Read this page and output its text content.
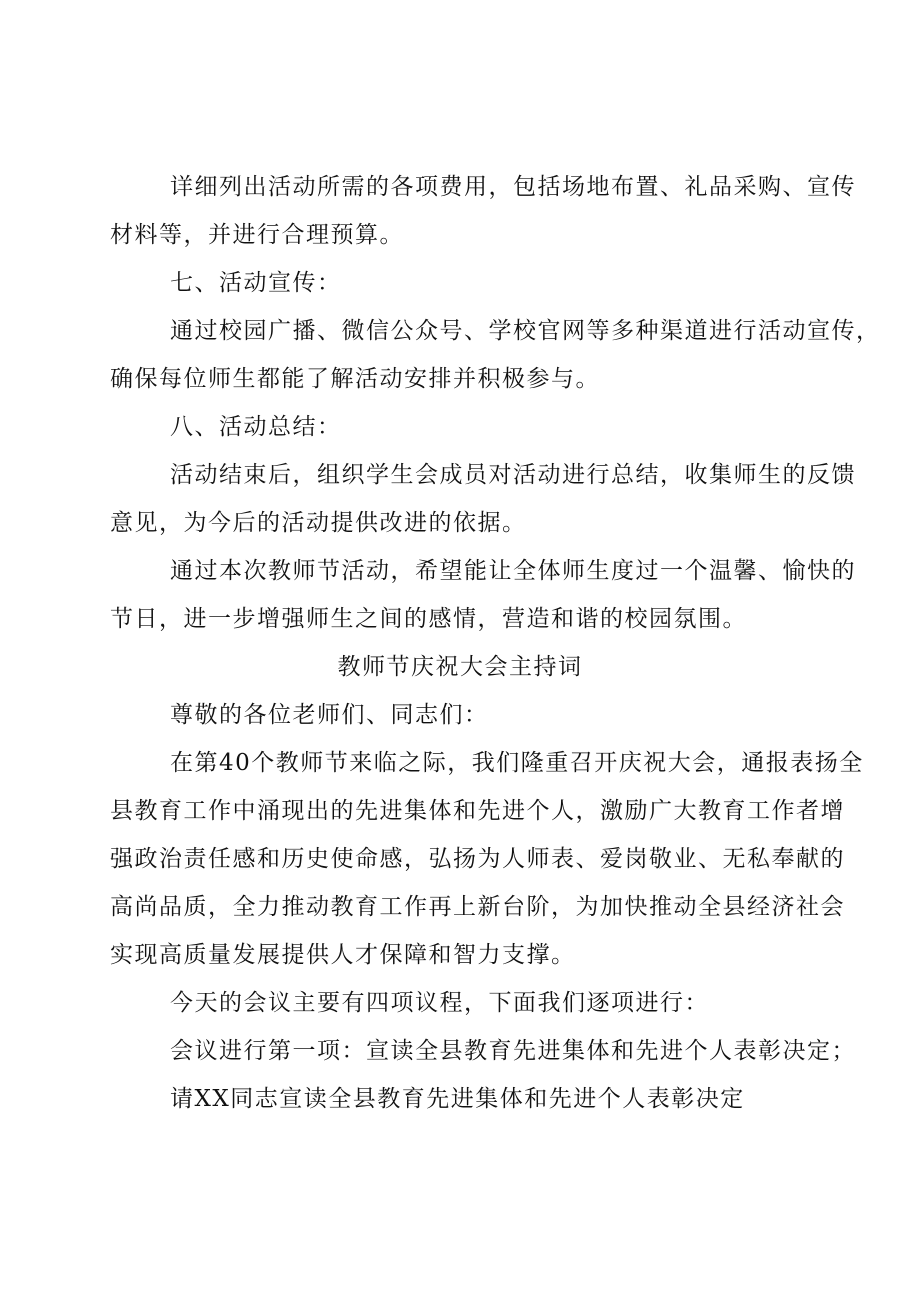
详细列出活动所需的各项费用，包括场地布置、礼品采购、宣传
材料等，并进行合理预算。
七、活动宣传：
通过校园广播、微信公众号、学校官网等多种渠道进行活动宣传，
确保每位师生都能了解活动安排并积极参与。
八、活动总结：
活动结束后，组织学生会成员对活动进行总结，收集师生的反馈
意见，为今后的活动提供改进的依据。
通过本次教师节活动，希望能让全体师生度过一个温馨、愉快的
节日，进一步增强师生之间的感情，营造和谐的校园氛围。
教师节庆祝大会主持词
尊敬的各位老师们、同志们：
在第40个教师节来临之际，我们隆重召开庆祝大会，通报表扬全
县教育工作中涌现出的先进集体和先进个人，激励广大教育工作者增
强政治责任感和历史使命感，弘扬为人师表、爱岗敬业、无私奉献的
高尚品质，全力推动教育工作再上新台阶，为加快推动全县经济社会
实现高质量发展提供人才保障和智力支撑。
今天的会议主要有四项议程，下面我们逐项进行：
会议进行第一项：宣读全县教育先进集体和先进个人表彰决定；
请XX同志宣读全县教育先进集体和先进个人表彰决定
